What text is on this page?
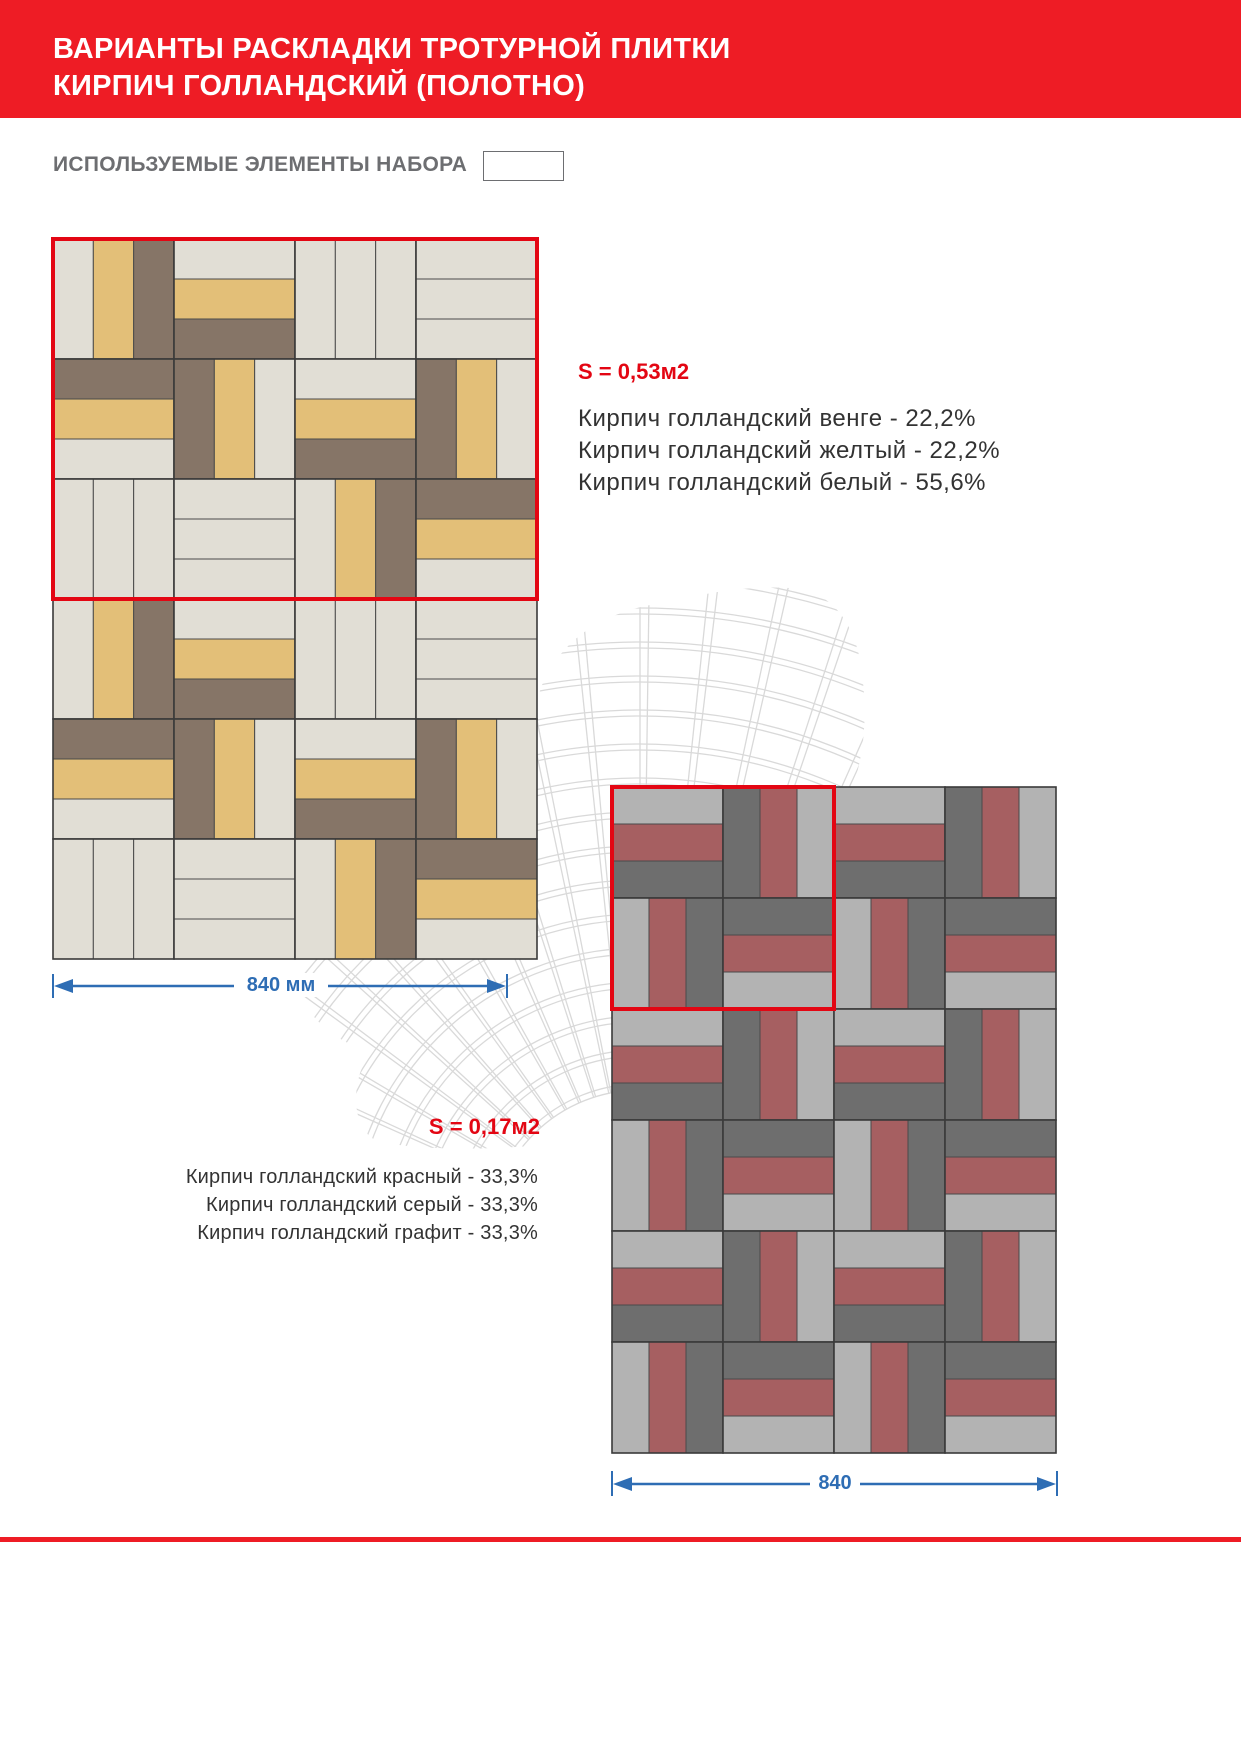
ВАРИАНТЫ РАСКЛАДКИ ТРОТУРНОЙ ПЛИТКИ
КИРПИЧ ГОЛЛАНДСКИЙ (ПОЛОТНО)
ИСПОЛЬЗУЕМЫЕ ЭЛЕМЕНТЫ НАБОРА
S = 0,53м2
Кирпич голландский венге - 22,2%
Кирпич голландский желтый - 22,2%
Кирпич голландский белый - 55,6%
840 мм
S = 0,17м2
Кирпич голландский красный - 33,3%
Кирпич голландский серый - 33,3%
Кирпич голландский графит - 33,3%
840
